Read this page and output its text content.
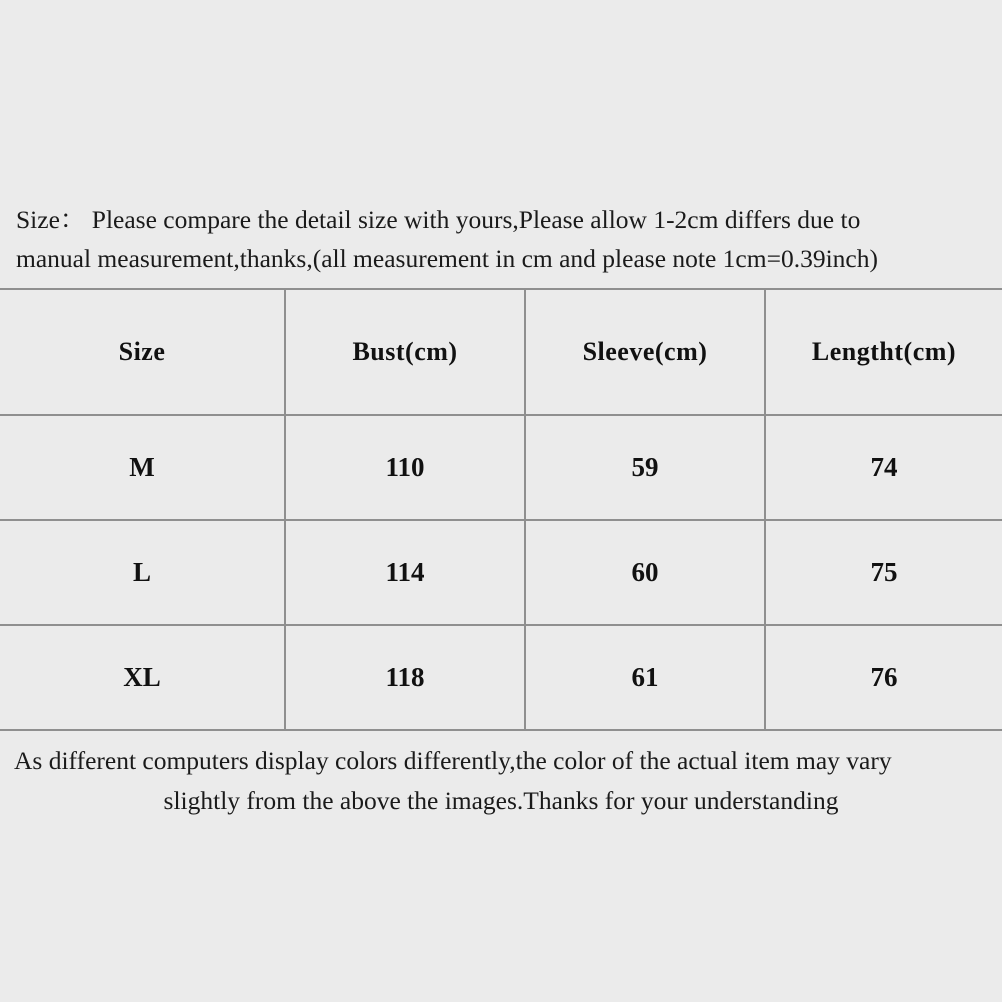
Size： Please compare the detail size with yours,Please allow 1-2cm differs due to
manual measurement,thanks,(all measurement in cm and please note 1cm=0.39inch)
Size	Bust(cm)	Sleeve(cm)	Lengtht(cm)
M	110	59	74
L	114	60	75
XL	118	61	76
As different computers display colors differently,the color of the actual item may vary
slightly from the above the images.Thanks for your understanding
